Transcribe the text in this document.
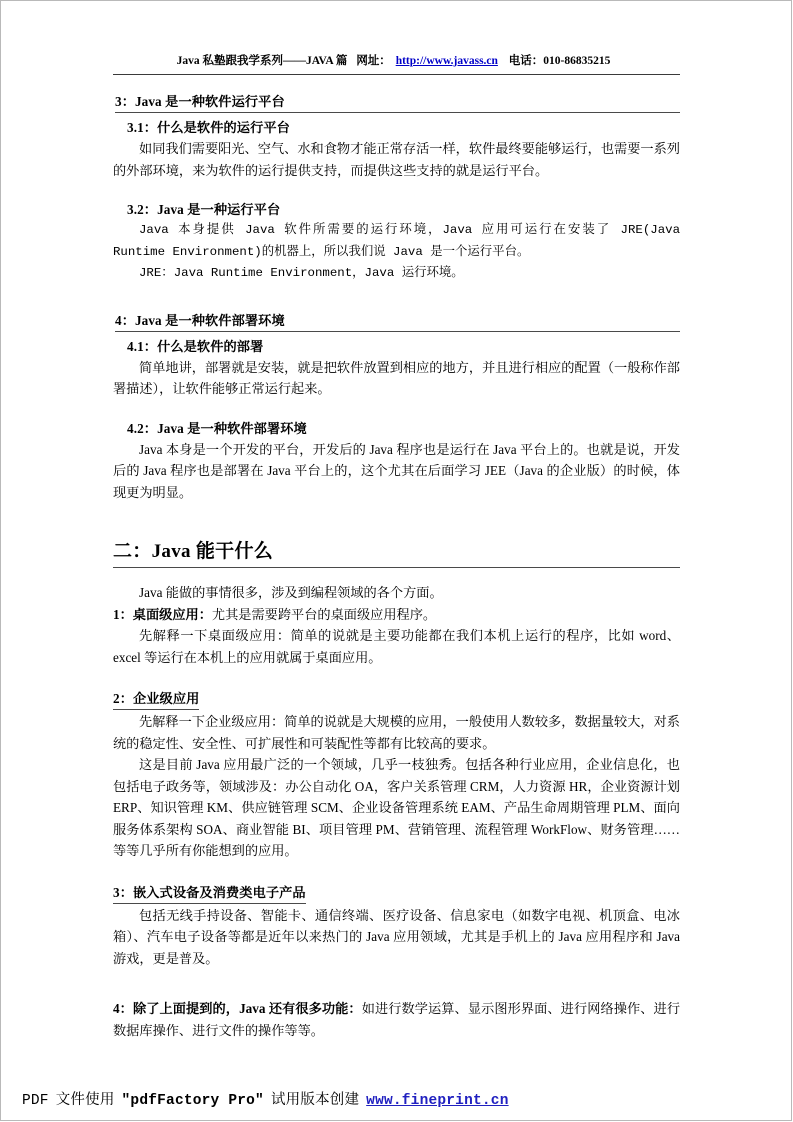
Java 私塾跟我学系列——JAVA 篇 网址： http://www.javass.cn 电话：010-86835215
3：Java 是一种软件运行平台
3.1：什么是软件的运行平台

如同我们需要阳光、空气、水和食物才能正常存活一样，软件最终要能够运行，也需要一系列的外部环境，来为软件的运行提供支持，而提供这些支持的就是运行平台。

3.2：Java 是一种运行平台

Java 本身提供 Java 软件所需要的运行环境，Java 应用可运行在安装了 JRE(Java Runtime Environment)的机器上，所以我们说 Java 是一个运行平台。

JRE：Java Runtime Environment，Java 运行环境。

4：Java 是一种软件部署环境
4.1：什么是软件的部署

简单地讲，部署就是安装，就是把软件放置到相应的地方，并且进行相应的配置（一般称作部署描述），让软件能够正常运行起来。

4.2：Java 是一种软件部署环境

Java 本身是一个开发的平台，开发后的 Java 程序也是运行在 Java 平台上的。也就是说，开发后的 Java 程序也是部署在 Java 平台上的，这个尤其在后面学习 JEE（Java 的企业版）的时候，体现更为明显。

二：Java 能干什么

Java 能做的事情很多，涉及到编程领域的各个方面。

1：桌面级应用：尤其是需要跨平台的桌面级应用程序。

先解释一下桌面级应用：简单的说就是主要功能都在我们本机上运行的程序，比如 word、excel 等运行在本机上的应用就属于桌面应用。

2：企业级应用

先解释一下企业级应用：简单的说就是大规模的应用，一般使用人数较多，数据量较大，对系统的稳定性、安全性、可扩展性和可装配性等都有比较高的要求。

这是目前 Java 应用最广泛的一个领域，几乎一枝独秀。包括各种行业应用，企业信息化，也包括电子政务等，领域涉及：办公自动化 OA，客户关系管理 CRM，人力资源 HR，企业资源计划 ERP、知识管理 KM、供应链管理 SCM、企业设备管理系统 EAM、产品生命周期管理 PLM、面向服务体系架构 SOA、商业智能 BI、项目管理 PM、营销管理、流程管理 WorkFlow、财务管理……等等几乎所有你能想到的应用。

3：嵌入式设备及消费类电子产品

包括无线手持设备、智能卡、通信终端、医疗设备、信息家电（如数字电视、机顶盒、电冰箱）、汽车电子设备等都是近年以来热门的 Java 应用领域，尤其是手机上的 Java 应用程序和 Java 游戏，更是普及。

4：除了上面提到的，Java 还有很多功能：如进行数学运算、显示图形界面、进行网络操作、进行数据库操作、进行文件的操作等等。

PDF 文件使用 "pdfFactory Pro" 试用版本创建 www.fineprint.cn
